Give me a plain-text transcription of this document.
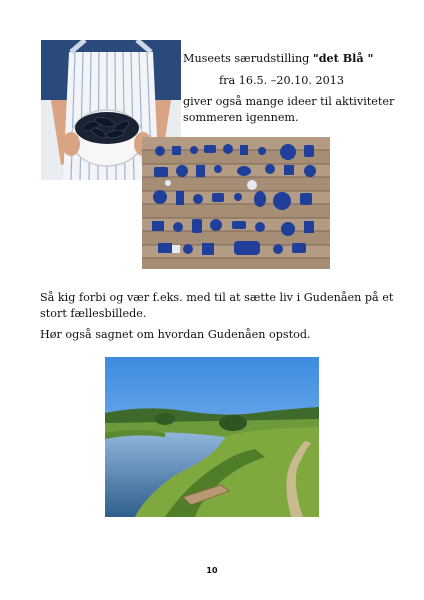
Museets særudstilling "det Blå "
fra 16.5. –20.10. 2013
giver også mange ideer til aktiviteter
sommeren igennem.
Så kig forbi og vær f.eks. med til at sætte liv i Gudenåen på et
stort fællesbillede.
Hør også sagnet om hvordan Gudenåen opstod.
10
